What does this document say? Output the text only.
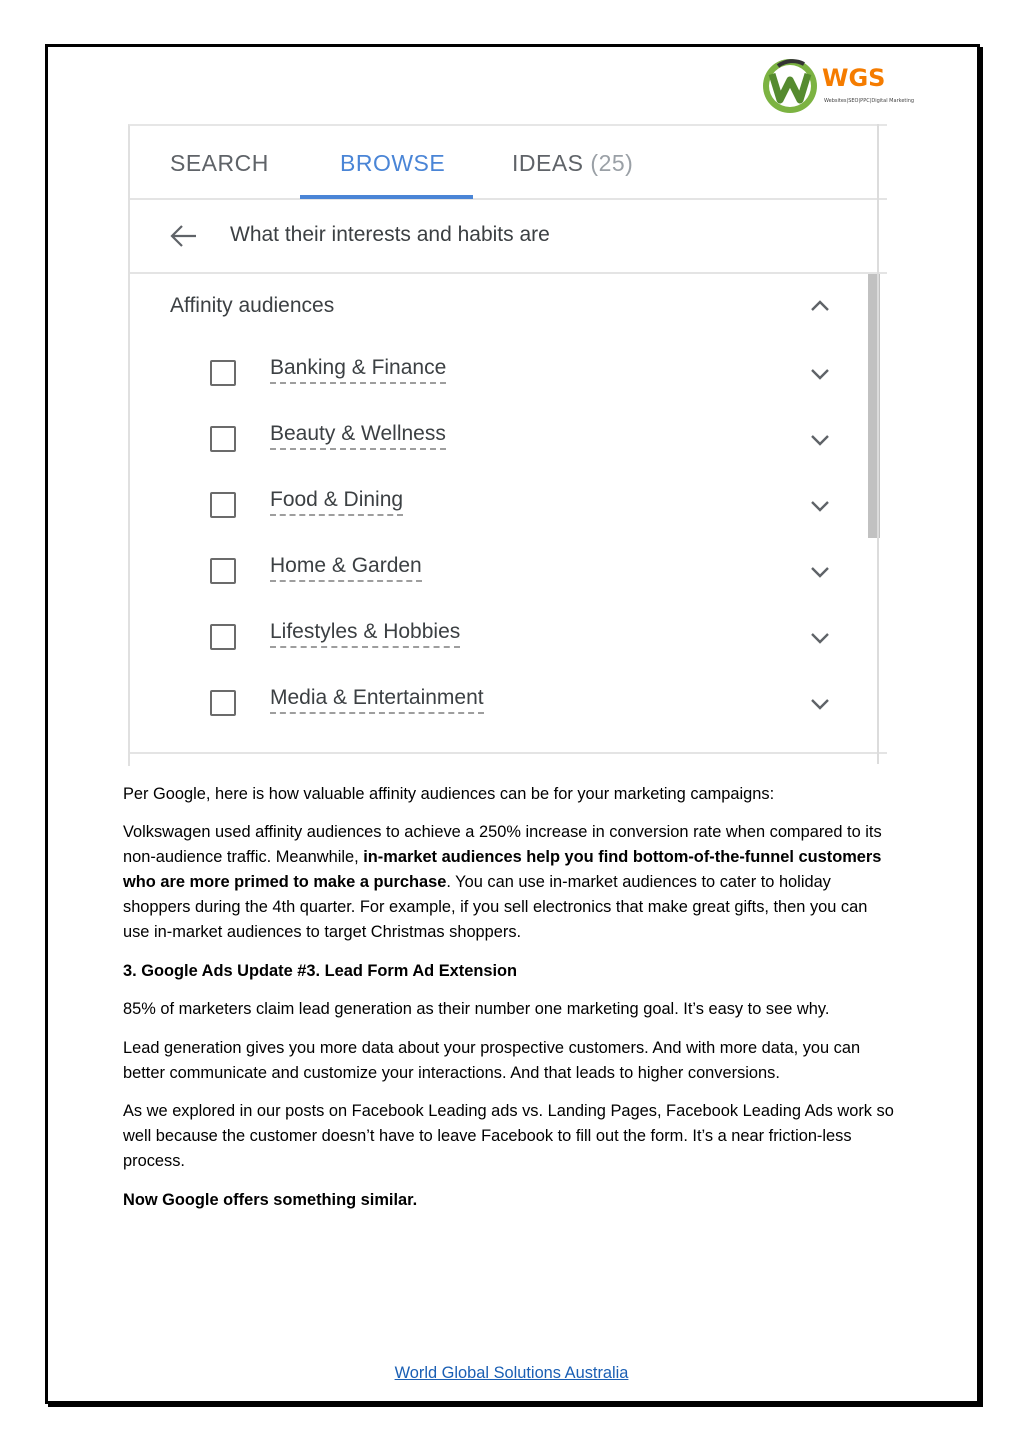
WGS
Websites|SEO|PPC|Digital Marketing
SEARCH	BROWSE	IDEAS (25)
What their interests and habits are
Affinity audiences
Banking & Finance
Beauty & Wellness
Food & Dining
Home & Garden
Lifestyles & Hobbies
Media & Entertainment

Per Google, here is how valuable affinity audiences can be for your marketing campaigns:

Volkswagen used affinity audiences to achieve a 250% increase in conversion rate when compared to its non-audience traffic. Meanwhile, in-market audiences help you find bottom-of-the-funnel customers who are more primed to make a purchase. You can use in-market audiences to cater to holiday shoppers during the 4th quarter. For example, if you sell electronics that make great gifts, then you can use in-market audiences to target Christmas shoppers.

3. Google Ads Update #3. Lead Form Ad Extension

85% of marketers claim lead generation as their number one marketing goal. It’s easy to see why.

Lead generation gives you more data about your prospective customers. And with more data, you can better communicate and customize your interactions. And that leads to higher conversions.

As we explored in our posts on Facebook Leading ads vs. Landing Pages, Facebook Leading Ads work so well because the customer doesn’t have to leave Facebook to fill out the form. It’s a near friction-less process.

Now Google offers something similar.

World Global Solutions Australia
